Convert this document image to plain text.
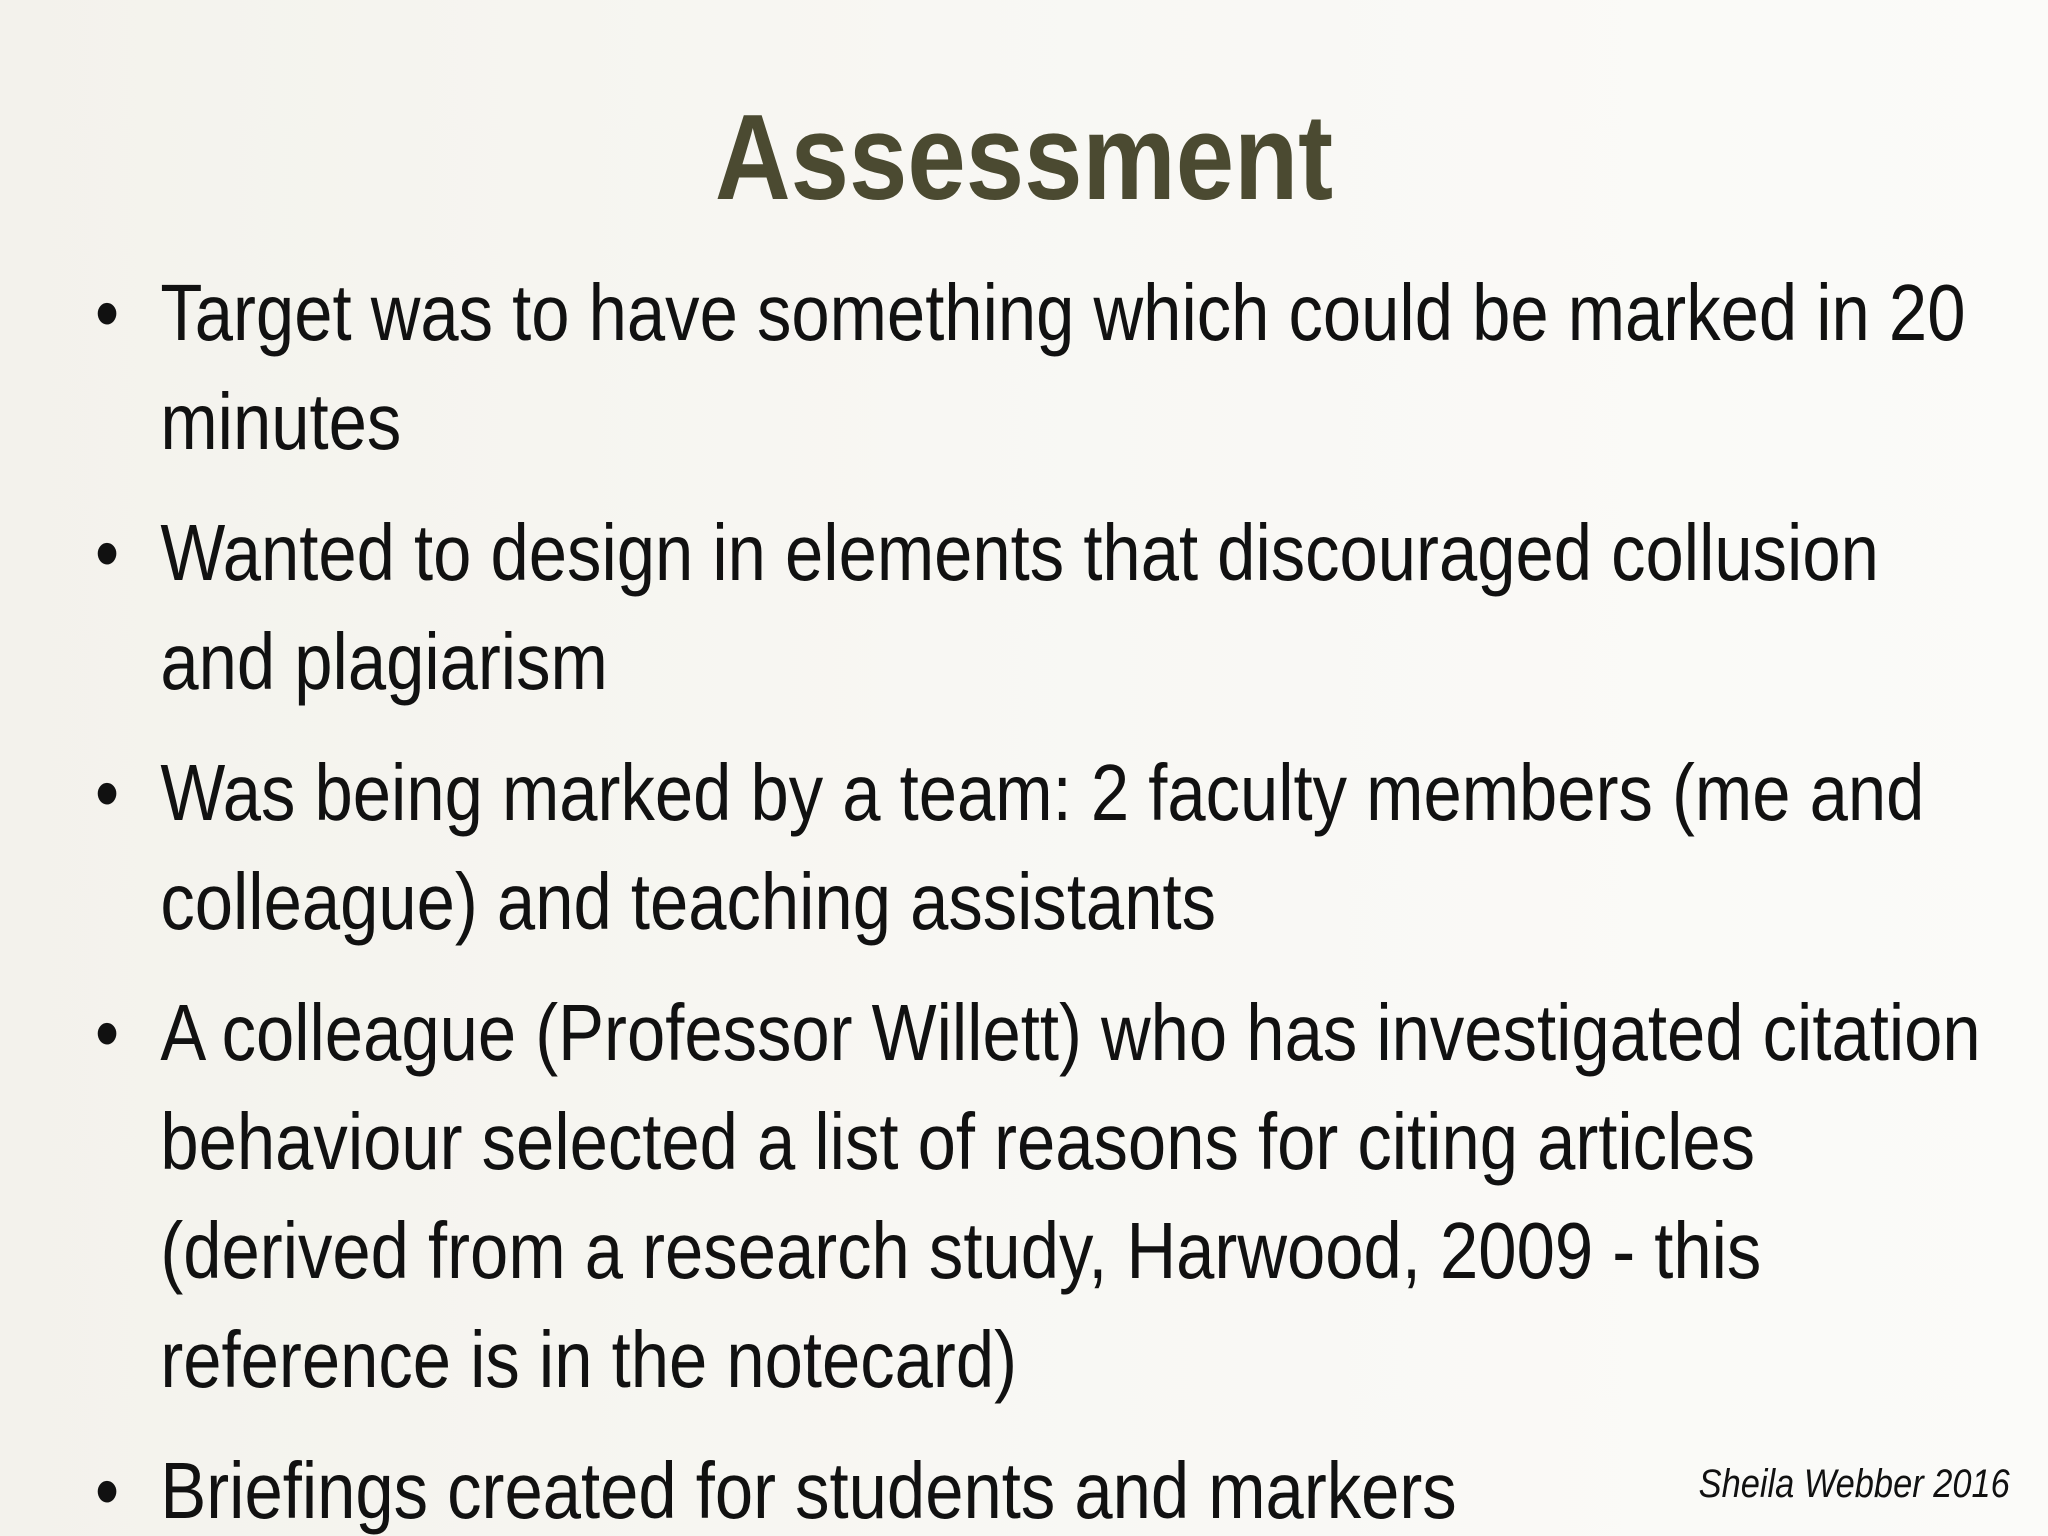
Assessment
• Target was to have something which could be marked in 20 minutes
• Wanted to design in elements that discouraged collusion and plagiarism
• Was being marked by a team: 2 faculty members (me and colleague) and teaching assistants
• A colleague (Professor Willett) who has investigated citation behaviour selected a list of reasons for citing articles (derived from a research study, Harwood, 2009 - this reference is in the notecard)
• Briefings created for students and markers	Sheila Webber 2016
